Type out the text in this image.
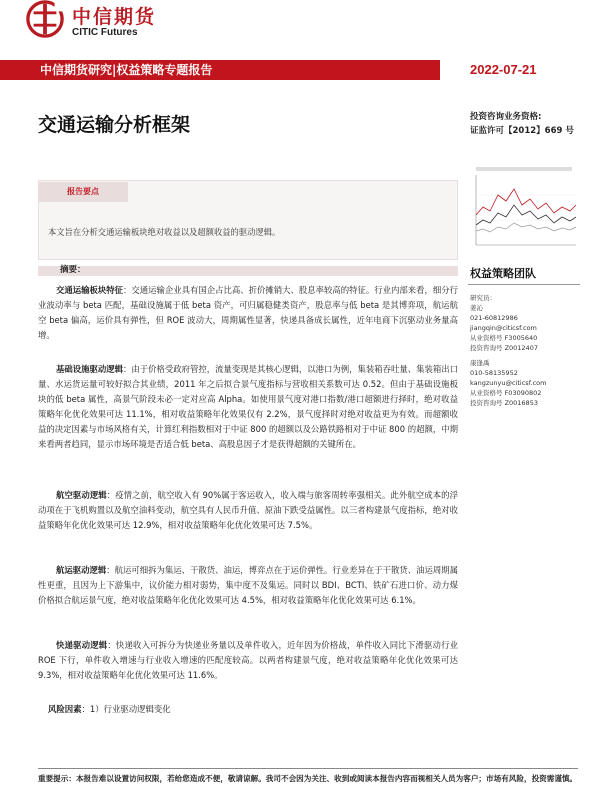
中信期货
CITIC Futures
中信期货研究|权益策略专题报告	2022-07-21
交通运输分析框架	投资咨询业务资格:
证监许可【2012】669 号
报告要点
本文旨在分析交通运输板块绝对收益以及超额收益的驱动逻辑。
摘要：	权益策略团队
研究员：
姜沁
021-60812986
jiangqin@citicsf.com
从业资格号 F3005640
投资咨询号 Z0012407
康逢禹
010-58135952
kangzunyu@citicsf.com
从业资格号 F03090802
投资咨询号 Z0016853
交通运输板块特征：交通运输企业具有国企占比高、折价摊销大、股息率较高的特征。行业内部来看，细分行业波动率与 beta 匹配，基础设施属于低 beta 资产，可归属稳健类资产，股息率与低 beta 是其博弈项，航运航空 beta 偏高，运价具有弹性，但 ROE 波动大，周期属性显著，快递具备成长属性，近年电商下沉驱动业务量高增。
基础设施驱动逻辑：由于价格受政府管控，流量变现是其核心逻辑，以港口为例，集装箱吞吐量、集装箱出口量、水运货运量可较好拟合其业绩，2011 年之后拟合景气度指标与营收相关系数可达 0.52。但由于基础设施板块的低 beta 属性，高景气阶段未必一定对应高 Alpha。如使用景气度对港口指数/港口超额进行择时，绝对收益策略年化优化效果可达 11.1%，相对收益策略年化效果仅有 2.2%，景气度择时对绝对收益更为有效。而超额收益的决定因素与市场风格有关，计算红利指数相对于中证 800 的超额以及公路铁路相对于中证 800 的超额，中期来看两者趋同，显示市场环境是否适合低 beta、高股息因子才是获得超额的关键所在。
航空驱动逻辑：疫情之前，航空收入有 90%属于客运收入，收入端与旅客周转率强相关。此外航空成本的浮动项在于飞机购置以及航空油料变动，航空具有人民币升值、原油下跌受益属性。以三者构建景气度指标，绝对收益策略年化优化效果可达 12.9%，相对收益策略年化优化效果可达 7.5%。
航运驱动逻辑：航运可细拆为集运、干散货、油运，博弈点在于运价弹性。行业差异在于干散货、油运周期属性更重，且因为上下游集中，议价能力相对弱势，集中度不及集运。同时以 BDI、BCTI、铁矿石进口价、动力煤价格拟合航运景气度，绝对收益策略年化优化效果可达 4.5%，相对收益策略年化优化效果可达 6.1%。
快递驱动逻辑：快递收入可拆分为快递业务量以及单件收入，近年因为价格战，单件收入同比下滑驱动行业 ROE 下行，单件收入增速与行业收入增速的匹配度较高。以两者构建景气度，绝对收益策略年化优化效果可达 9.3%，相对收益策略年化优化效果可达 11.6%。
风险因素：1）行业驱动逻辑变化
重要提示：本报告难以设置访问权限，若给您造成不便，敬请谅解。我司不会因为关注、收到或阅读本报告内容而视相关人员为客户；市场有风险，投资需谨慎。
